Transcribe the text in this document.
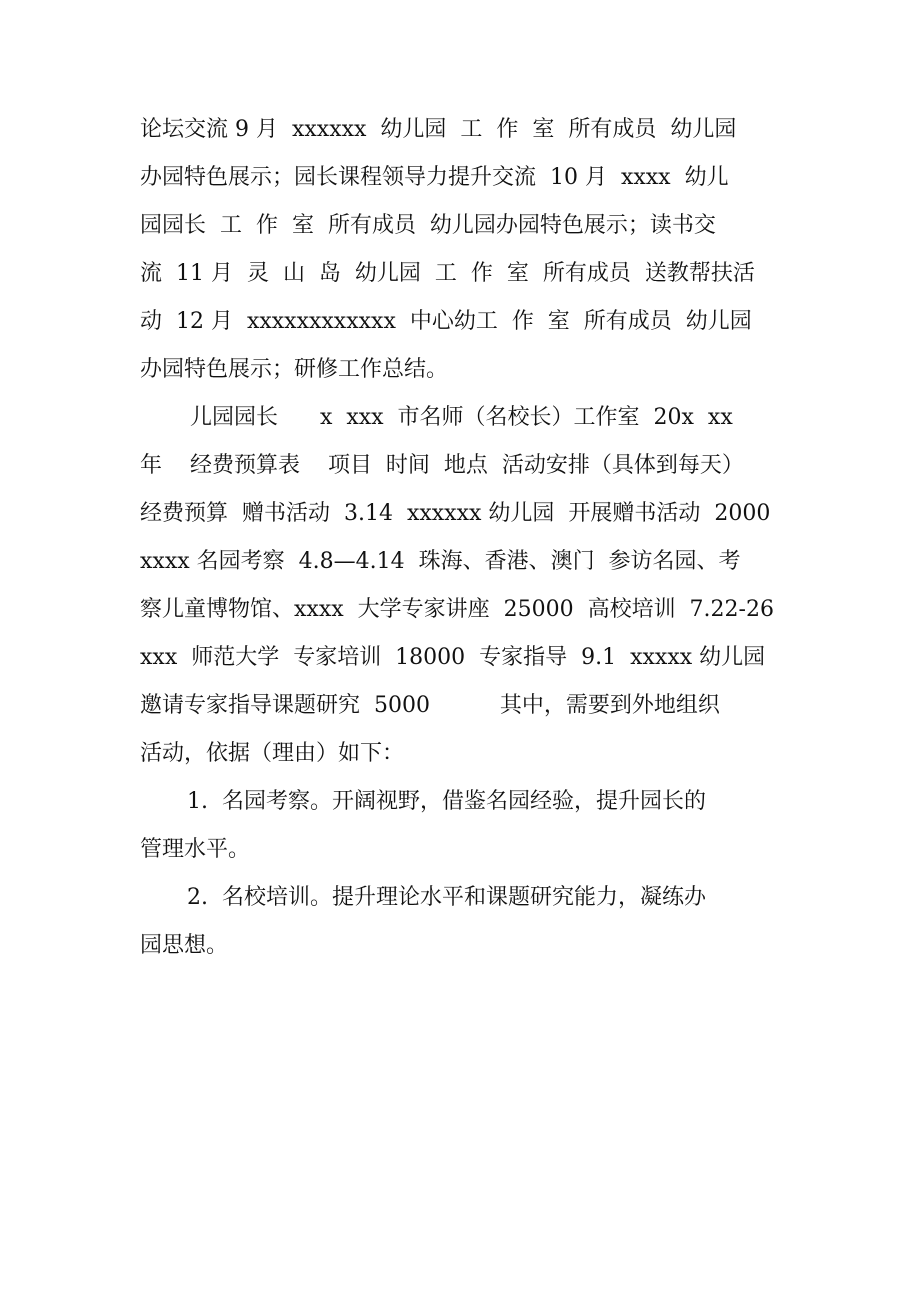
论坛交流 9 月  xxxxxx  幼儿园  工  作  室  所有成员  幼儿园
办园特色展示；园长课程领导力提升交流  10 月  xxxx  幼儿
园园长  工  作  室  所有成员  幼儿园办园特色展示；读书交
流  11 月  灵  山  岛  幼儿园  工  作  室  所有成员  送教帮扶活
动  12 月  xxxxxxxxxxxx  中心幼工  作  室  所有成员  幼儿园
办园特色展示；研修工作总结。
儿园园长      x  xxx  市名师（名校长）工作室  20x  xx
年    经费预算表    项目  时间  地点  活动安排（具体到每天）
经费预算  赠书活动  3.14  xxxxxx 幼儿园  开展赠书活动  2000
xxxx 名园考察  4.8—4.14  珠海、香港、澳门  参访名园、考
察儿童博物馆、xxxx  大学专家讲座  25000  高校培训  7.22-26
xxx  师范大学  专家培训  18000  专家指导  9.1  xxxxx 幼儿园
邀请专家指导课题研究  5000          其中，需要到外地组织
活动，依据（理由）如下：
1.  名园考察。开阔视野，借鉴名园经验，提升园长的
管理水平。
2.  名校培训。提升理论水平和课题研究能力，凝练办
园思想。
